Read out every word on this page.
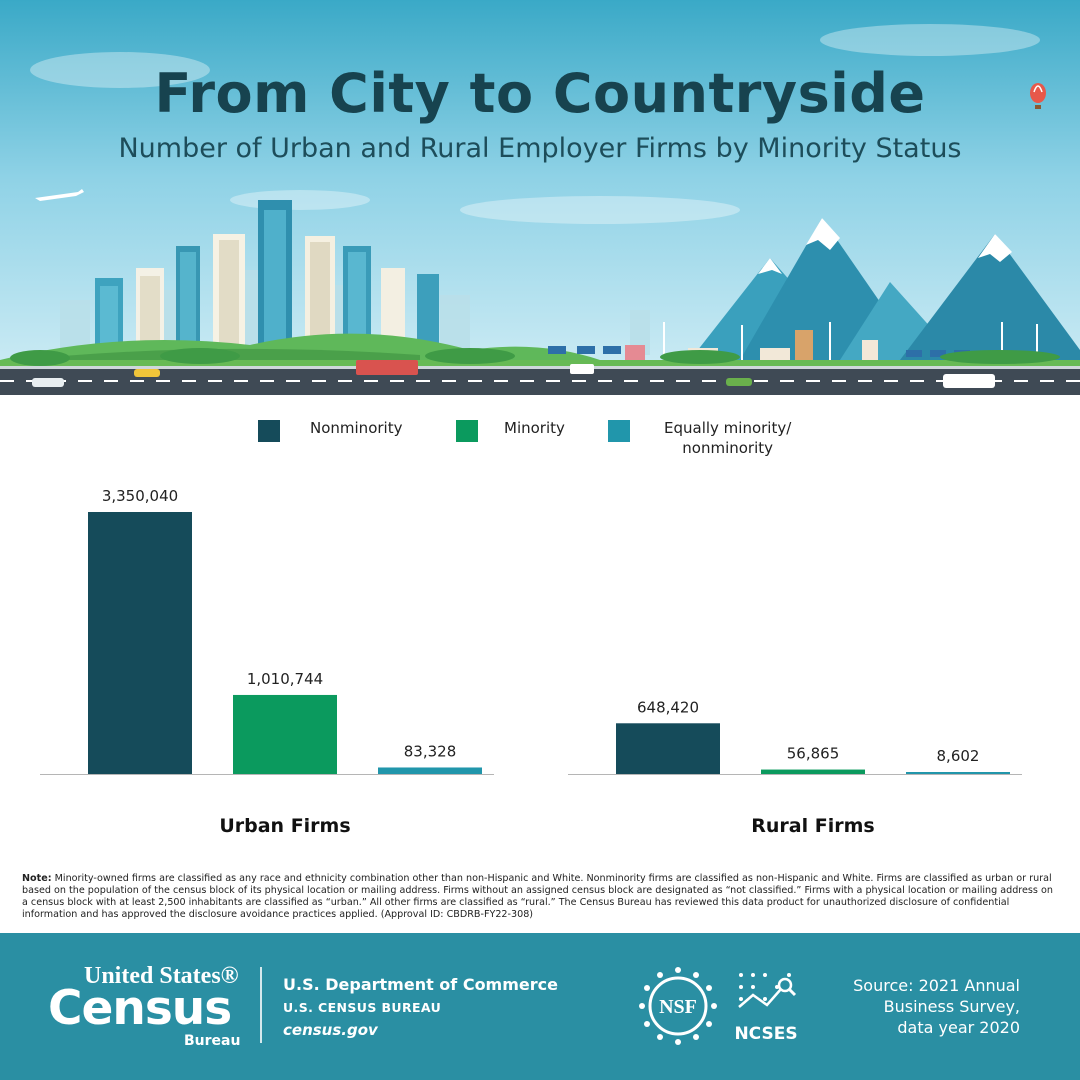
From City to Countryside

Number of Urban and Rural Employer Firms by Minority Status

Nonminority	Minority	Equally minority/
nonminority
3,350,040
1,010,744
83,328
Urban Firms
648,420
56,865	8,602
Rural Firms

Note: Minority-owned firms are classified as any race and ethnicity combination other than non-Hispanic and White. Nonminority firms are classified as non-Hispanic and White. Firms are classified as urban or rural based on the population of the census block of its physical location or mailing address. Firms without an assigned census block are designated as “not classified.” Firms with a physical location or mailing address on a census block with at least 2,500 inhabitants are classified as “urban.” All other firms are classified as “rural.” The Census Bureau has reviewed this data product for unauthorized disclosure of confidential information and has approved the disclosure avoidance practices applied. (Approval ID: CBDRB-FY22-308)

United States®
Census
Bureau
U.S. Department of Commerce
U.S. CENSUS BUREAU
census.gov
NSF
NCSES
Source: 2021 Annual
Business Survey,
data year 2020
